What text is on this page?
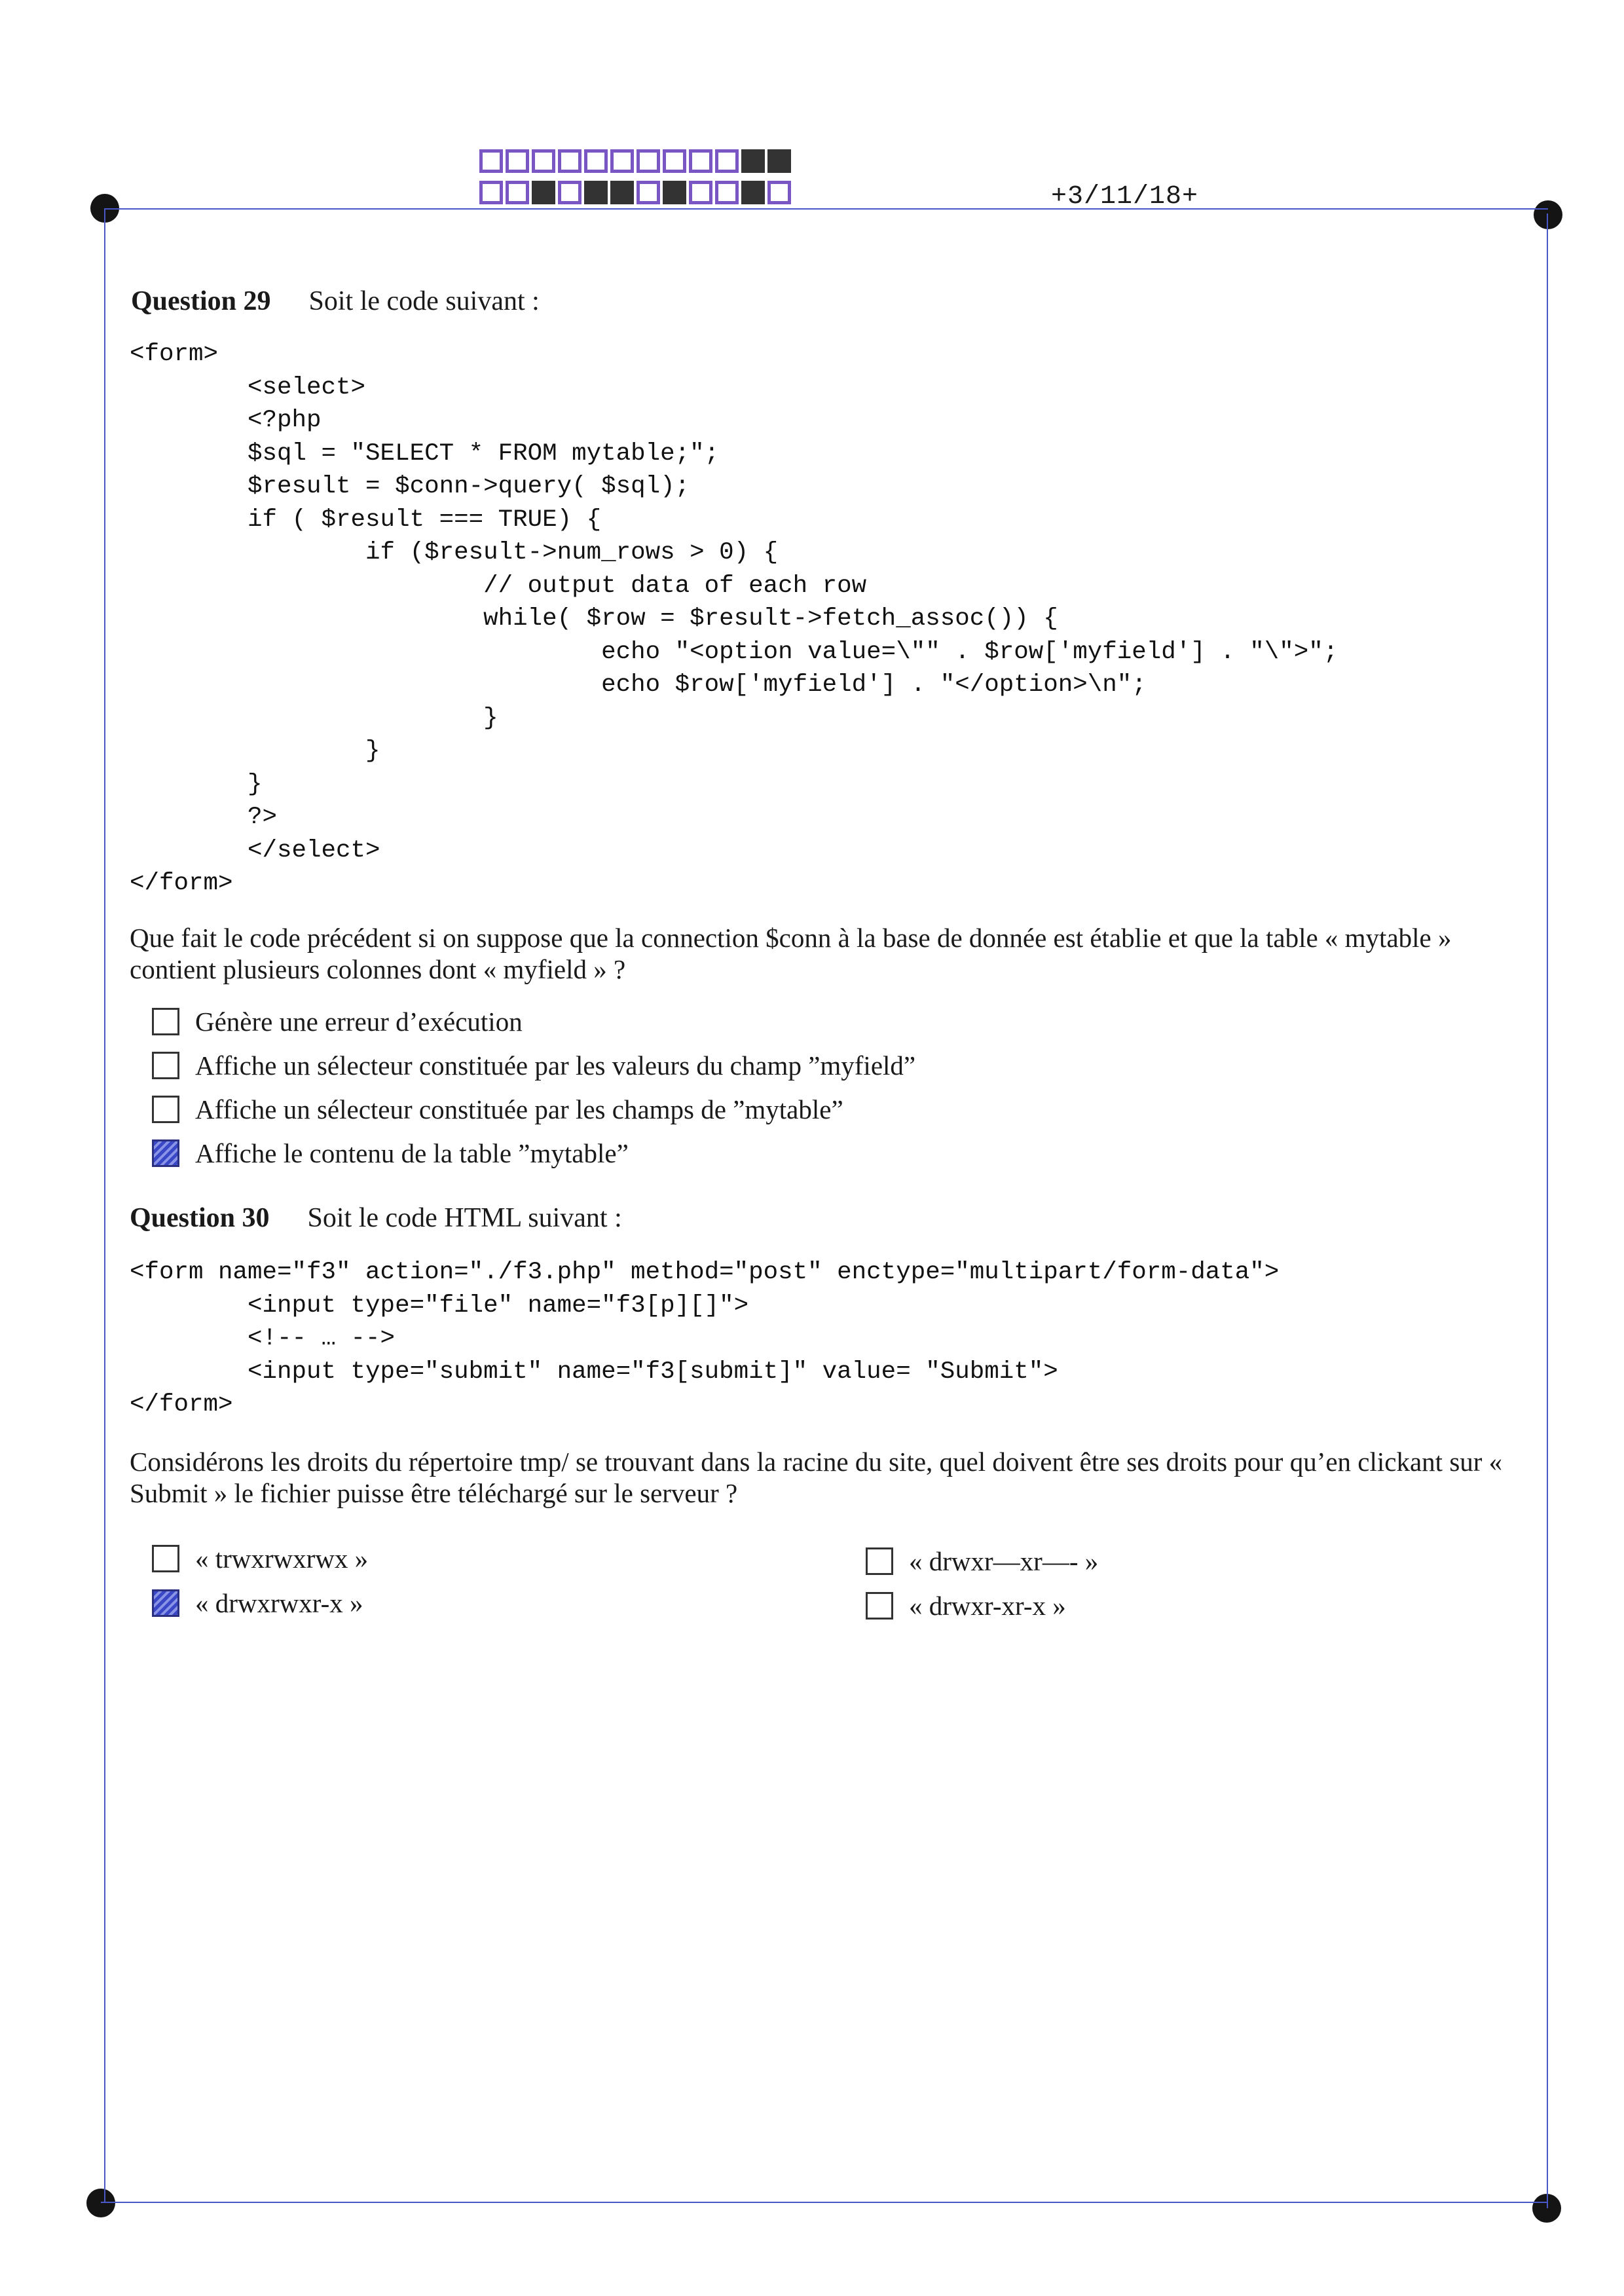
+3/11/18+
Question 29 Soit le code suivant :
<form>
<select>
<?php
$sql = "SELECT * FROM mytable;";
$result = $conn->query( $sql);
if ( $result === TRUE) {
if ($result->num_rows > 0) {
// output data of each row
while( $row = $result->fetch_assoc()) {
echo "<option value=\"" . $row['myfield'] . "\">";
echo $row['myfield'] . "</option>\n";
}
}
}
?>
</select>
</form>
Que fait le code précédent si on suppose que la connection $conn à la base de donnée est établie et que la table « mytable » contient plusieurs colonnes dont « myfield » ?
Génère une erreur d’exécution
Affiche un sélecteur constituée par les valeurs du champ ”myfield”
Affiche un sélecteur constituée par les champs de ”mytable”
Affiche le contenu de la table ”mytable”
Question 30 Soit le code HTML suivant :
<form name="f3" action="./f3.php" method="post" enctype="multipart/form-data">
<input type="file" name="f3[p][]">
<!-- … -->
<input type="submit" name="f3[submit]" value= "Submit">
</form>
Considérons les droits du répertoire tmp/ se trouvant dans la racine du site, quel doivent être ses droits pour qu’en clickant sur « Submit » le fichier puisse être téléchargé sur le serveur ?
« trwxrwxrwx »	« drwxr—xr—- »
« drwxrwxr-x »	« drwxr-xr-x »
